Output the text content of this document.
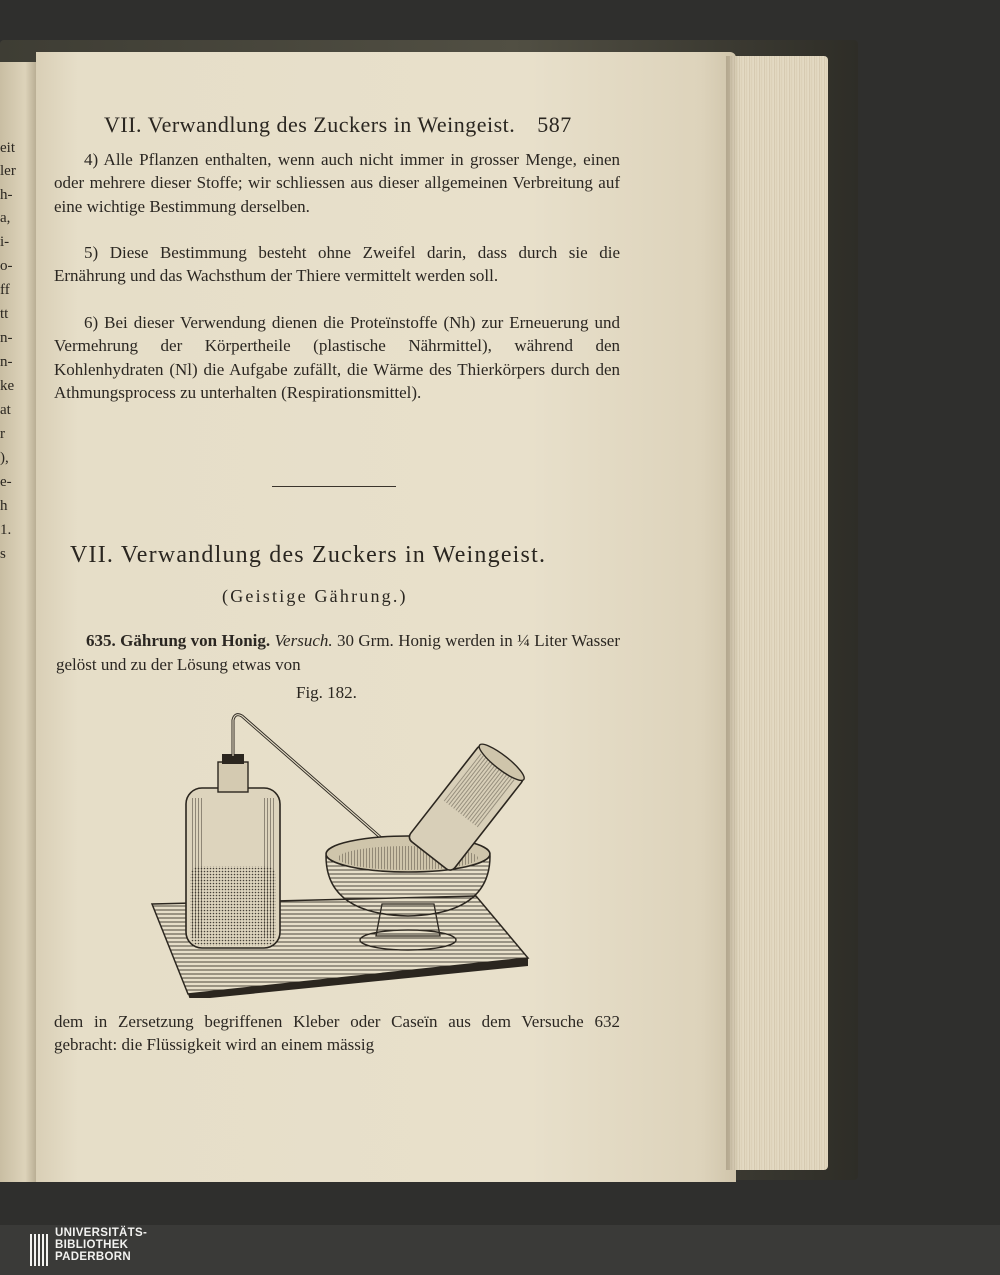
eit
ler
h-
a,
i-
o-
ff
tt
n-
n-
ke
at
r
),
e-
h
1.
s
VII. Verwandlung des Zuckers in Weingeist. 587
4) Alle Pflanzen enthalten, wenn auch nicht immer in grosser Menge, einen oder mehrere dieser Stoffe; wir schliessen aus dieser allgemeinen Verbreitung auf eine wichtige Bestimmung derselben.
5) Diese Bestimmung besteht ohne Zweifel darin, dass durch sie die Ernährung und das Wachsthum der Thiere vermittelt werden soll.
6) Bei dieser Verwendung dienen die Proteïnstoffe (Nh) zur Erneuerung und Vermehrung der Körpertheile (plastische Nährmittel), während den Kohlenhydraten (Nl) die Aufgabe zufällt, die Wärme des Thierkörpers durch den Athmungsprocess zu unterhalten (Respirationsmittel).
VII. Verwandlung des Zuckers in Weingeist.
(Geistige Gährung.)
635. Gährung von Honig. Versuch. 30 Grm. Honig werden in ¼ Liter Wasser gelöst und zu der Lösung etwas von
Fig. 182.
dem in Zersetzung begriffenen Kleber oder Caseïn aus dem Versuche 632 gebracht: die Flüssigkeit wird an einem mässig
UNIVERSITÄTS-
BIBLIOTHEK
PADERBORN
